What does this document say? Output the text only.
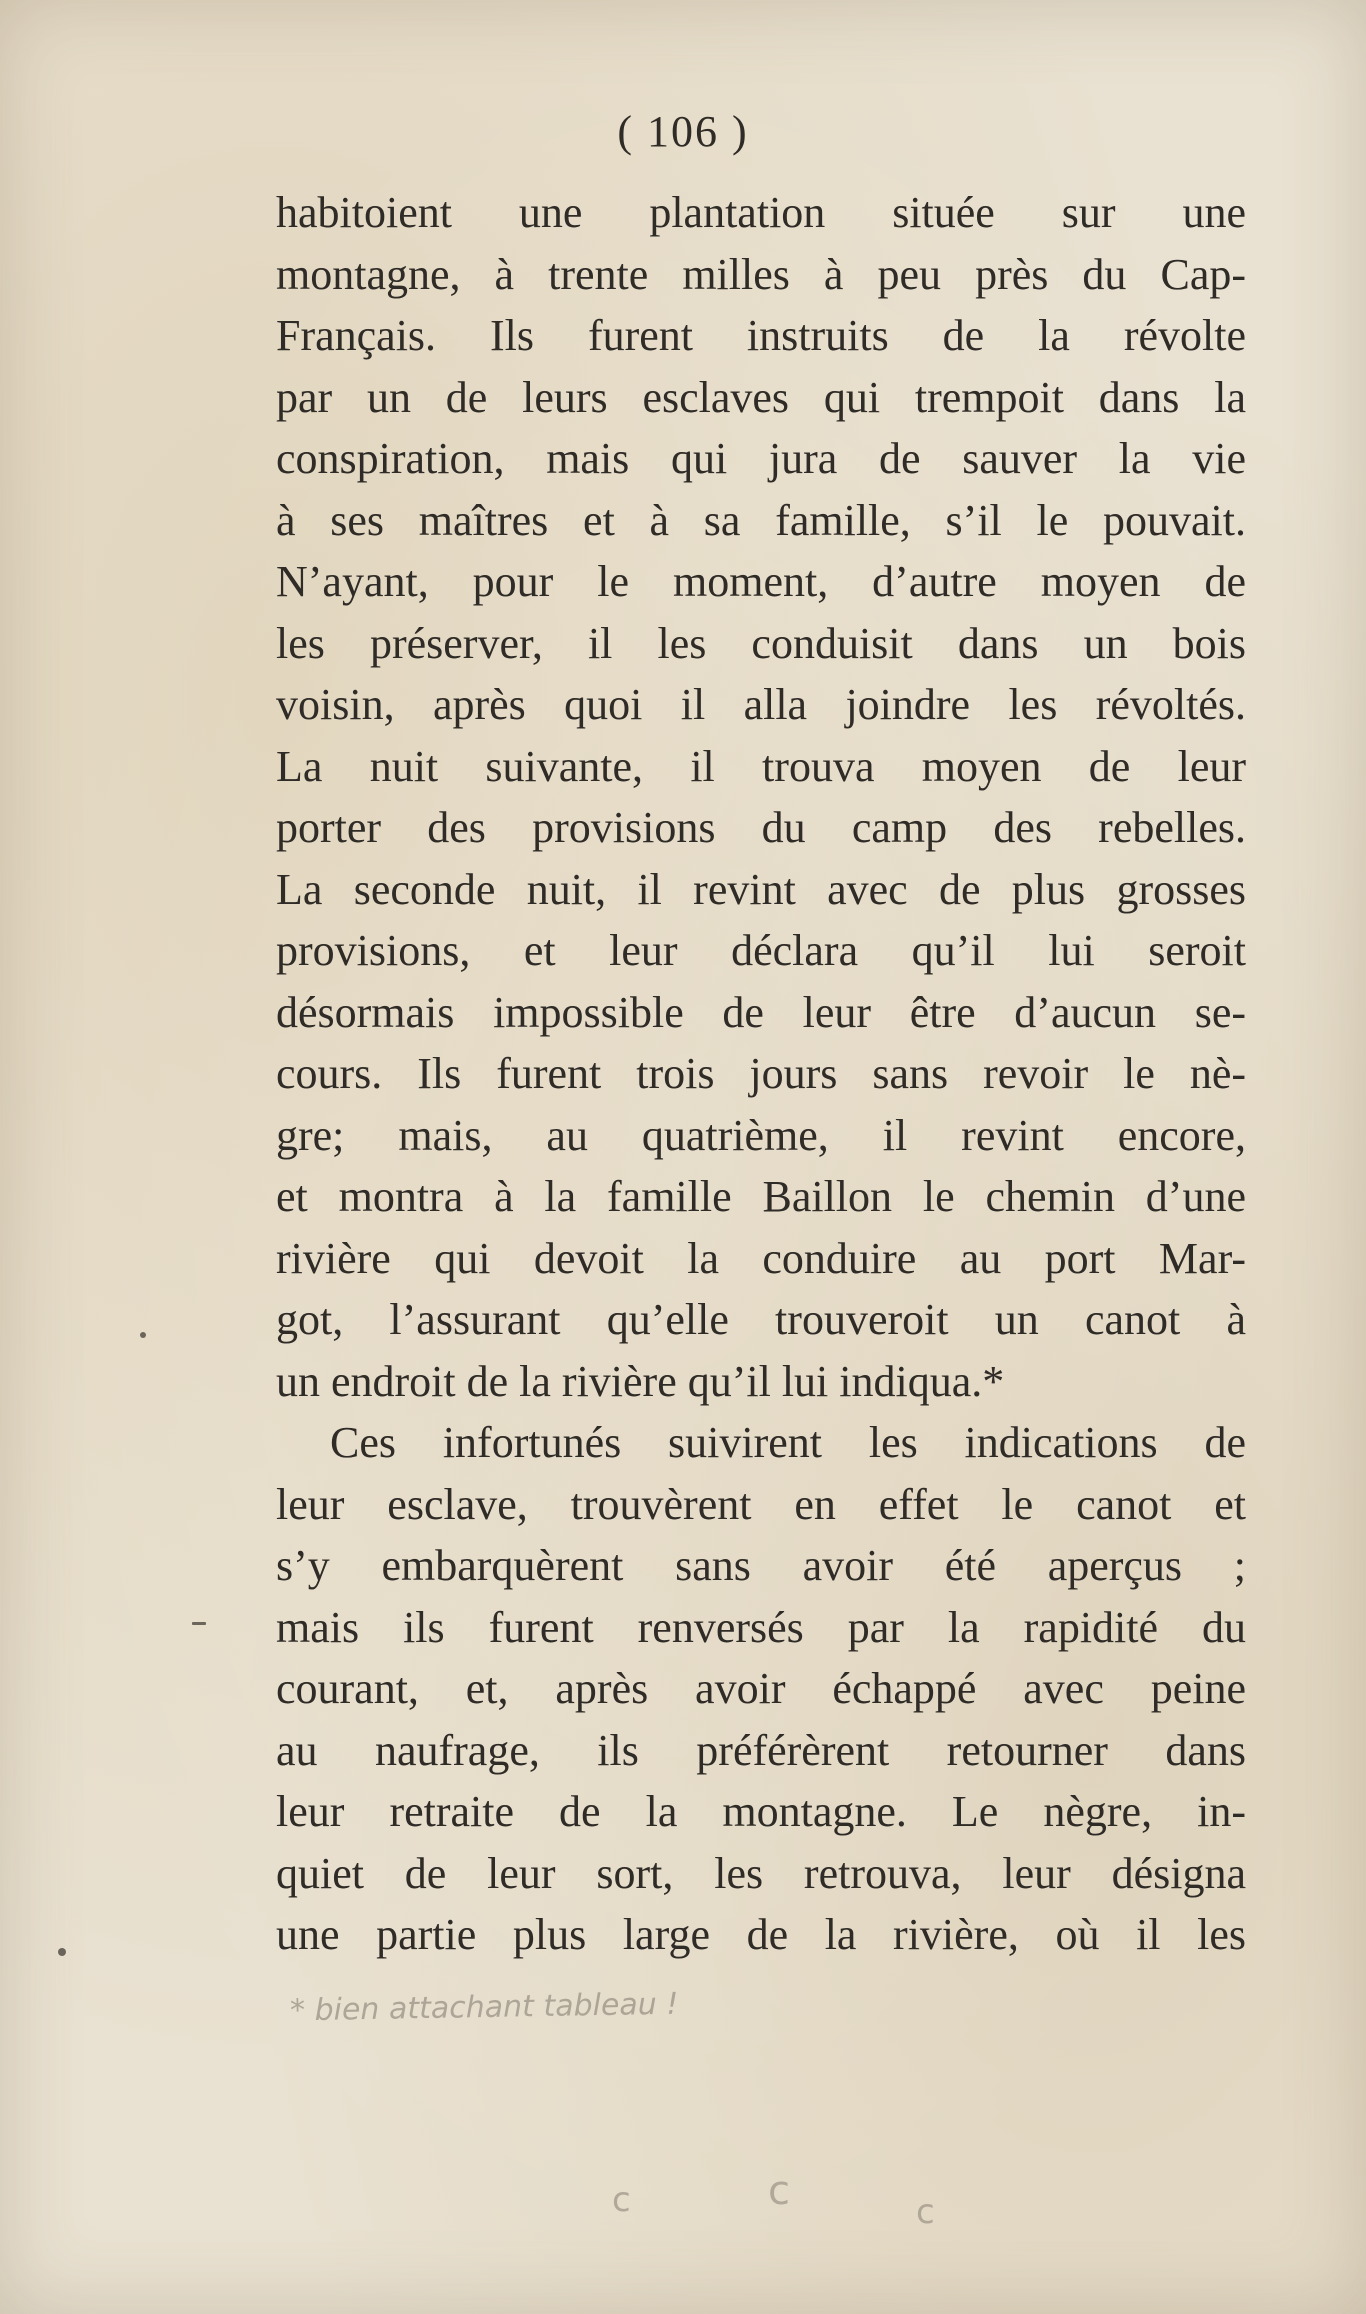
( 106 )
habitoient une plantation située sur une
montagne, à trente milles à peu près du Cap-
Français. Ils furent instruits de la révolte
par un de leurs esclaves qui trempoit dans la
conspiration, mais qui jura de sauver la vie
à ses maîtres et à sa famille, s’il le pouvait.
N’ayant, pour le moment, d’autre moyen de
les préserver, il les conduisit dans un bois
voisin, après quoi il alla joindre les révoltés.
La nuit suivante, il trouva moyen de leur
porter des provisions du camp des rebelles.
La seconde nuit, il revint avec de plus grosses
provisions, et leur déclara qu’il lui seroit
désormais impossible de leur être d’aucun se-
cours. Ils furent trois jours sans revoir le nè-
gre; mais, au quatrième, il revint encore,
et montra à la famille Baillon le chemin d’une
rivière qui devoit la conduire au port Mar-
got, l’assurant qu’elle trouveroit un canot à
un endroit de la rivière qu’il lui indiqua.*
Ces infortunés suivirent les indications de
leur esclave, trouvèrent en effet le canot et
s’y embarquèrent sans avoir été aperçus ;
mais ils furent renversés par la rapidité du
courant, et, après avoir échappé avec peine
au naufrage, ils préférèrent retourner dans
leur retraite de la montagne. Le nègre, in-
quiet de leur sort, les retrouva, leur désigna
une partie plus large de la rivière, où il les
* bien attachant tableau !
c	c	c
